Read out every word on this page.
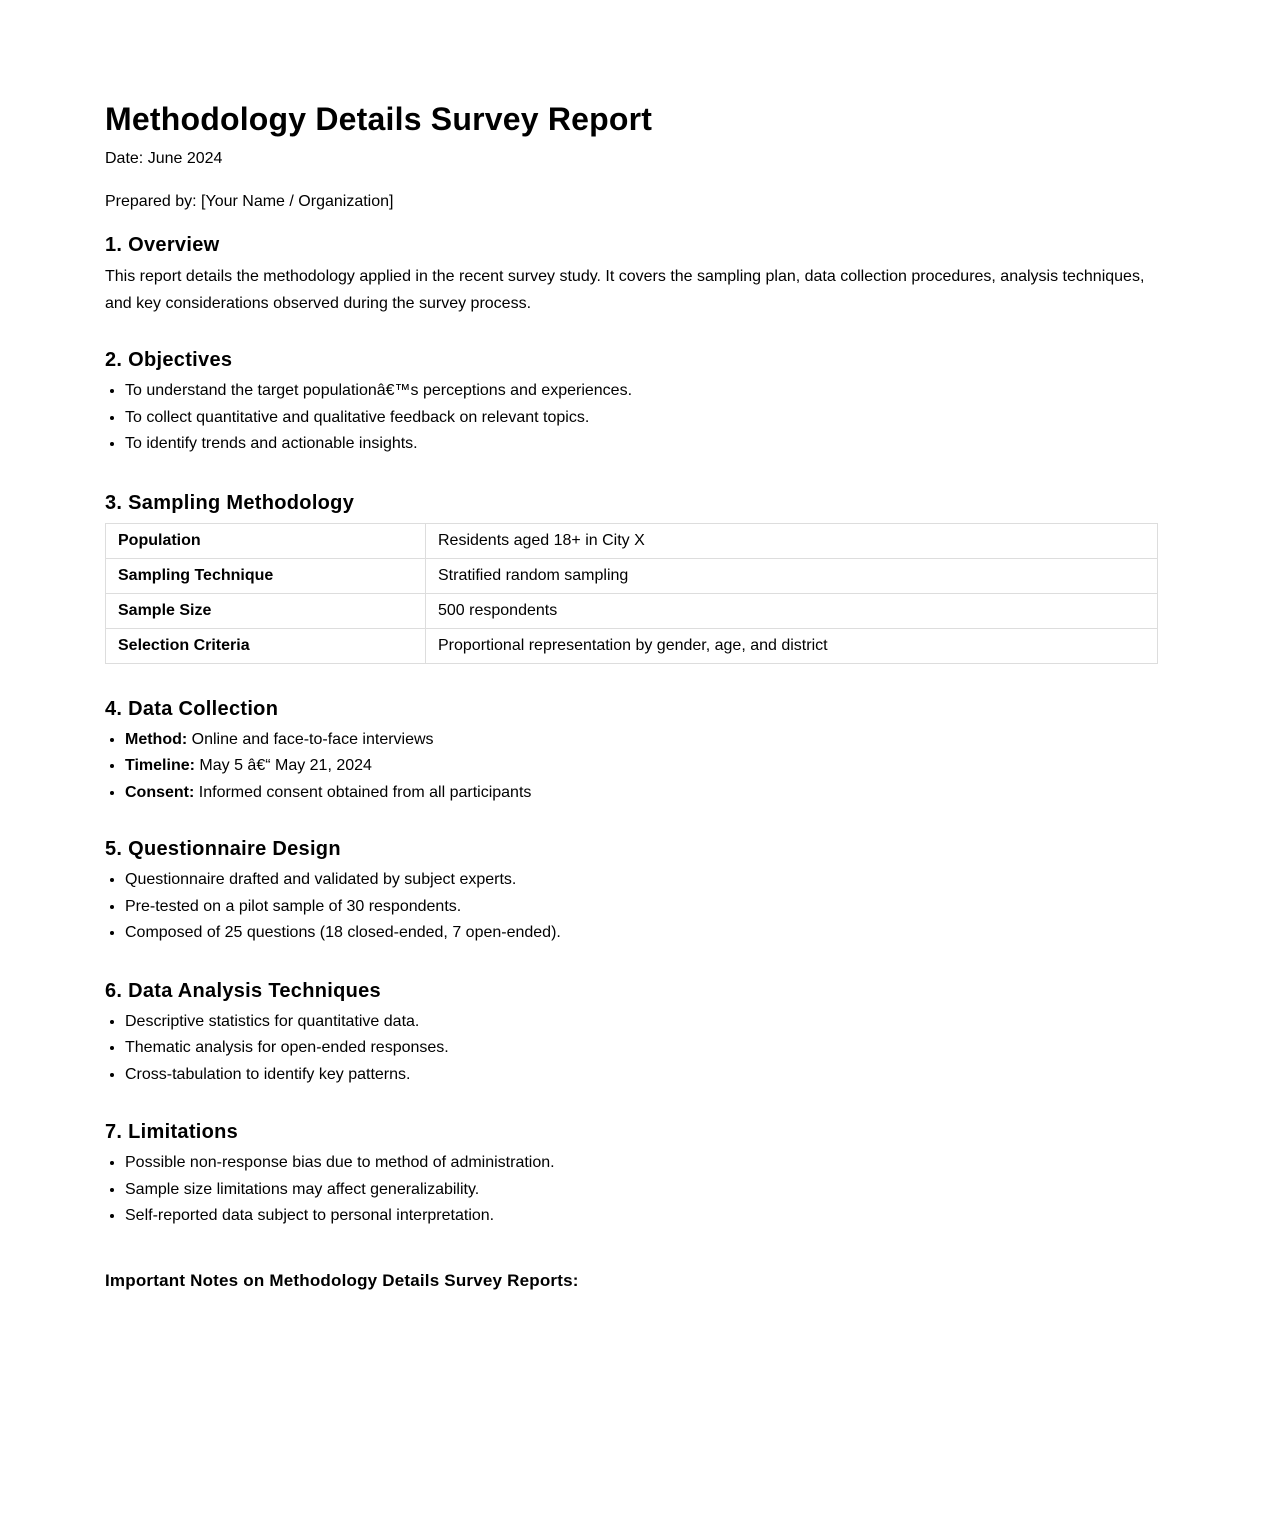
Methodology Details Survey Report

Date: June 2024

Prepared by: [Your Name / Organization]

1. Overview

This report details the methodology applied in the recent survey study. It covers the sampling plan, data collection procedures, analysis techniques, and key considerations observed during the survey process.

2. Objectives
• To understand the target populationâ€™s perceptions and experiences.
• To collect quantitative and qualitative feedback on relevant topics.
• To identify trends and actionable insights.
3. Sampling Methodology
Population	Residents aged 18+ in City X
Sampling Technique	Stratified random sampling
Sample Size	500 respondents
Selection Criteria	Proportional representation by gender, age, and district
4. Data Collection
• Method: Online and face-to-face interviews
• Timeline: May 5 â€“ May 21, 2024
• Consent: Informed consent obtained from all participants
5. Questionnaire Design
• Questionnaire drafted and validated by subject experts.
• Pre-tested on a pilot sample of 30 respondents.
• Composed of 25 questions (18 closed-ended, 7 open-ended).
6. Data Analysis Techniques
• Descriptive statistics for quantitative data.
• Thematic analysis for open-ended responses.
• Cross-tabulation to identify key patterns.
7. Limitations
• Possible non-response bias due to method of administration.
• Sample size limitations may affect generalizability.
• Self-reported data subject to personal interpretation.

Important Notes on Methodology Details Survey Reports:
